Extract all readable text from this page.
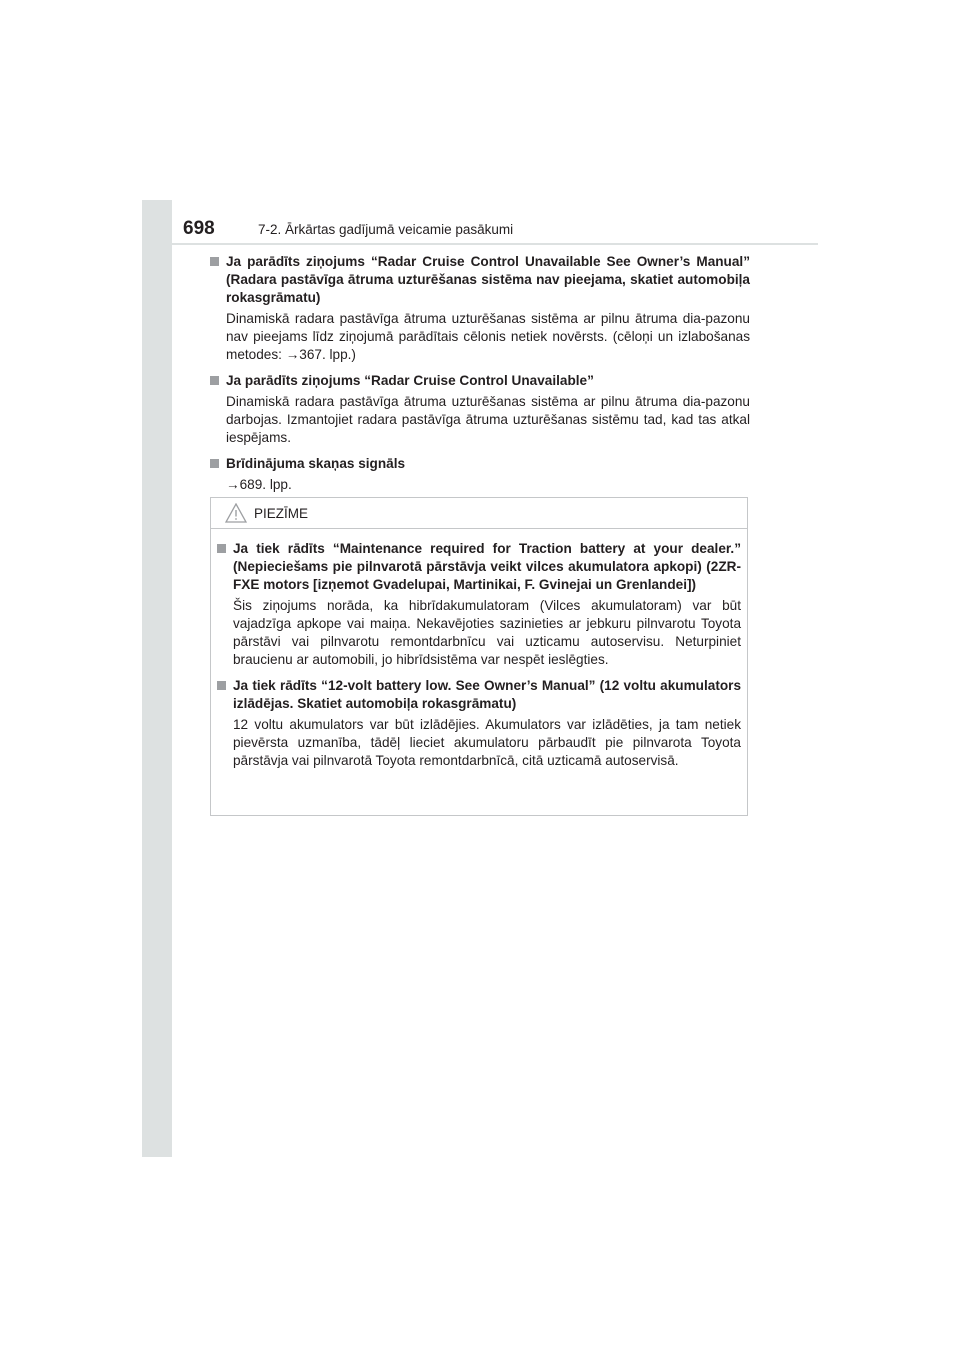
698	7-2. Ārkārtas gadījumā veicamie pasākumi
Ja parādīts ziņojums “Radar Cruise Control Unavailable See Owner’s Manual” (Radara pastāvīga ātruma uzturēšanas sistēma nav pieejama, skatiet automobiļa rokasgrāmatu)
Dinamiskā radara pastāvīga ātruma uzturēšanas sistēma ar pilnu ātruma dia-pazonu nav pieejams līdz ziņojumā parādītais cēlonis netiek novērsts. (cēloņi un izlabošanas metodes: →367. lpp.)
Ja parādīts ziņojums “Radar Cruise Control Unavailable”
Dinamiskā radara pastāvīga ātruma uzturēšanas sistēma ar pilnu ātruma dia-pazonu darbojas. Izmantojiet radara pastāvīga ātruma uzturēšanas sistēmu tad, kad tas atkal iespējams.
Brīdinājuma skaņas signāls
→689. lpp.
PIEZĪME
Ja tiek rādīts “Maintenance required for Traction battery at your dealer.” (Nepieciešams pie pilnvarotā pārstāvja veikt vilces akumulatora apkopi) (2ZR-FXE motors [izņemot Gvadelupai, Martinikai, F. Gvinejai un Grenlandei])
Šis ziņojums norāda, ka hibrīdakumulatoram (Vilces akumulatoram) var būt vajadzīga apkope vai maiņa. Nekavējoties sazinieties ar jebkuru pilnvarotu Toyota pārstāvi vai pilnvarotu remontdarbnīcu vai uzticamu autoservisu. Neturpiniet braucienu ar automobili, jo hibrīdsistēma var nespēt ieslēgties.
Ja tiek rādīts “12-volt battery low. See Owner’s Manual” (12 voltu akumulators izlādējas. Skatiet automobiļa rokasgrāmatu)
12 voltu akumulators var būt izlādējies. Akumulators var izlādēties, ja tam netiek pievērsta uzmanība, tādēļ lieciet akumulatoru pārbaudīt pie pilnvarota Toyota pārstāvja vai pilnvarotā Toyota remontdarbnīcā, citā uzticamā autoservisā.
